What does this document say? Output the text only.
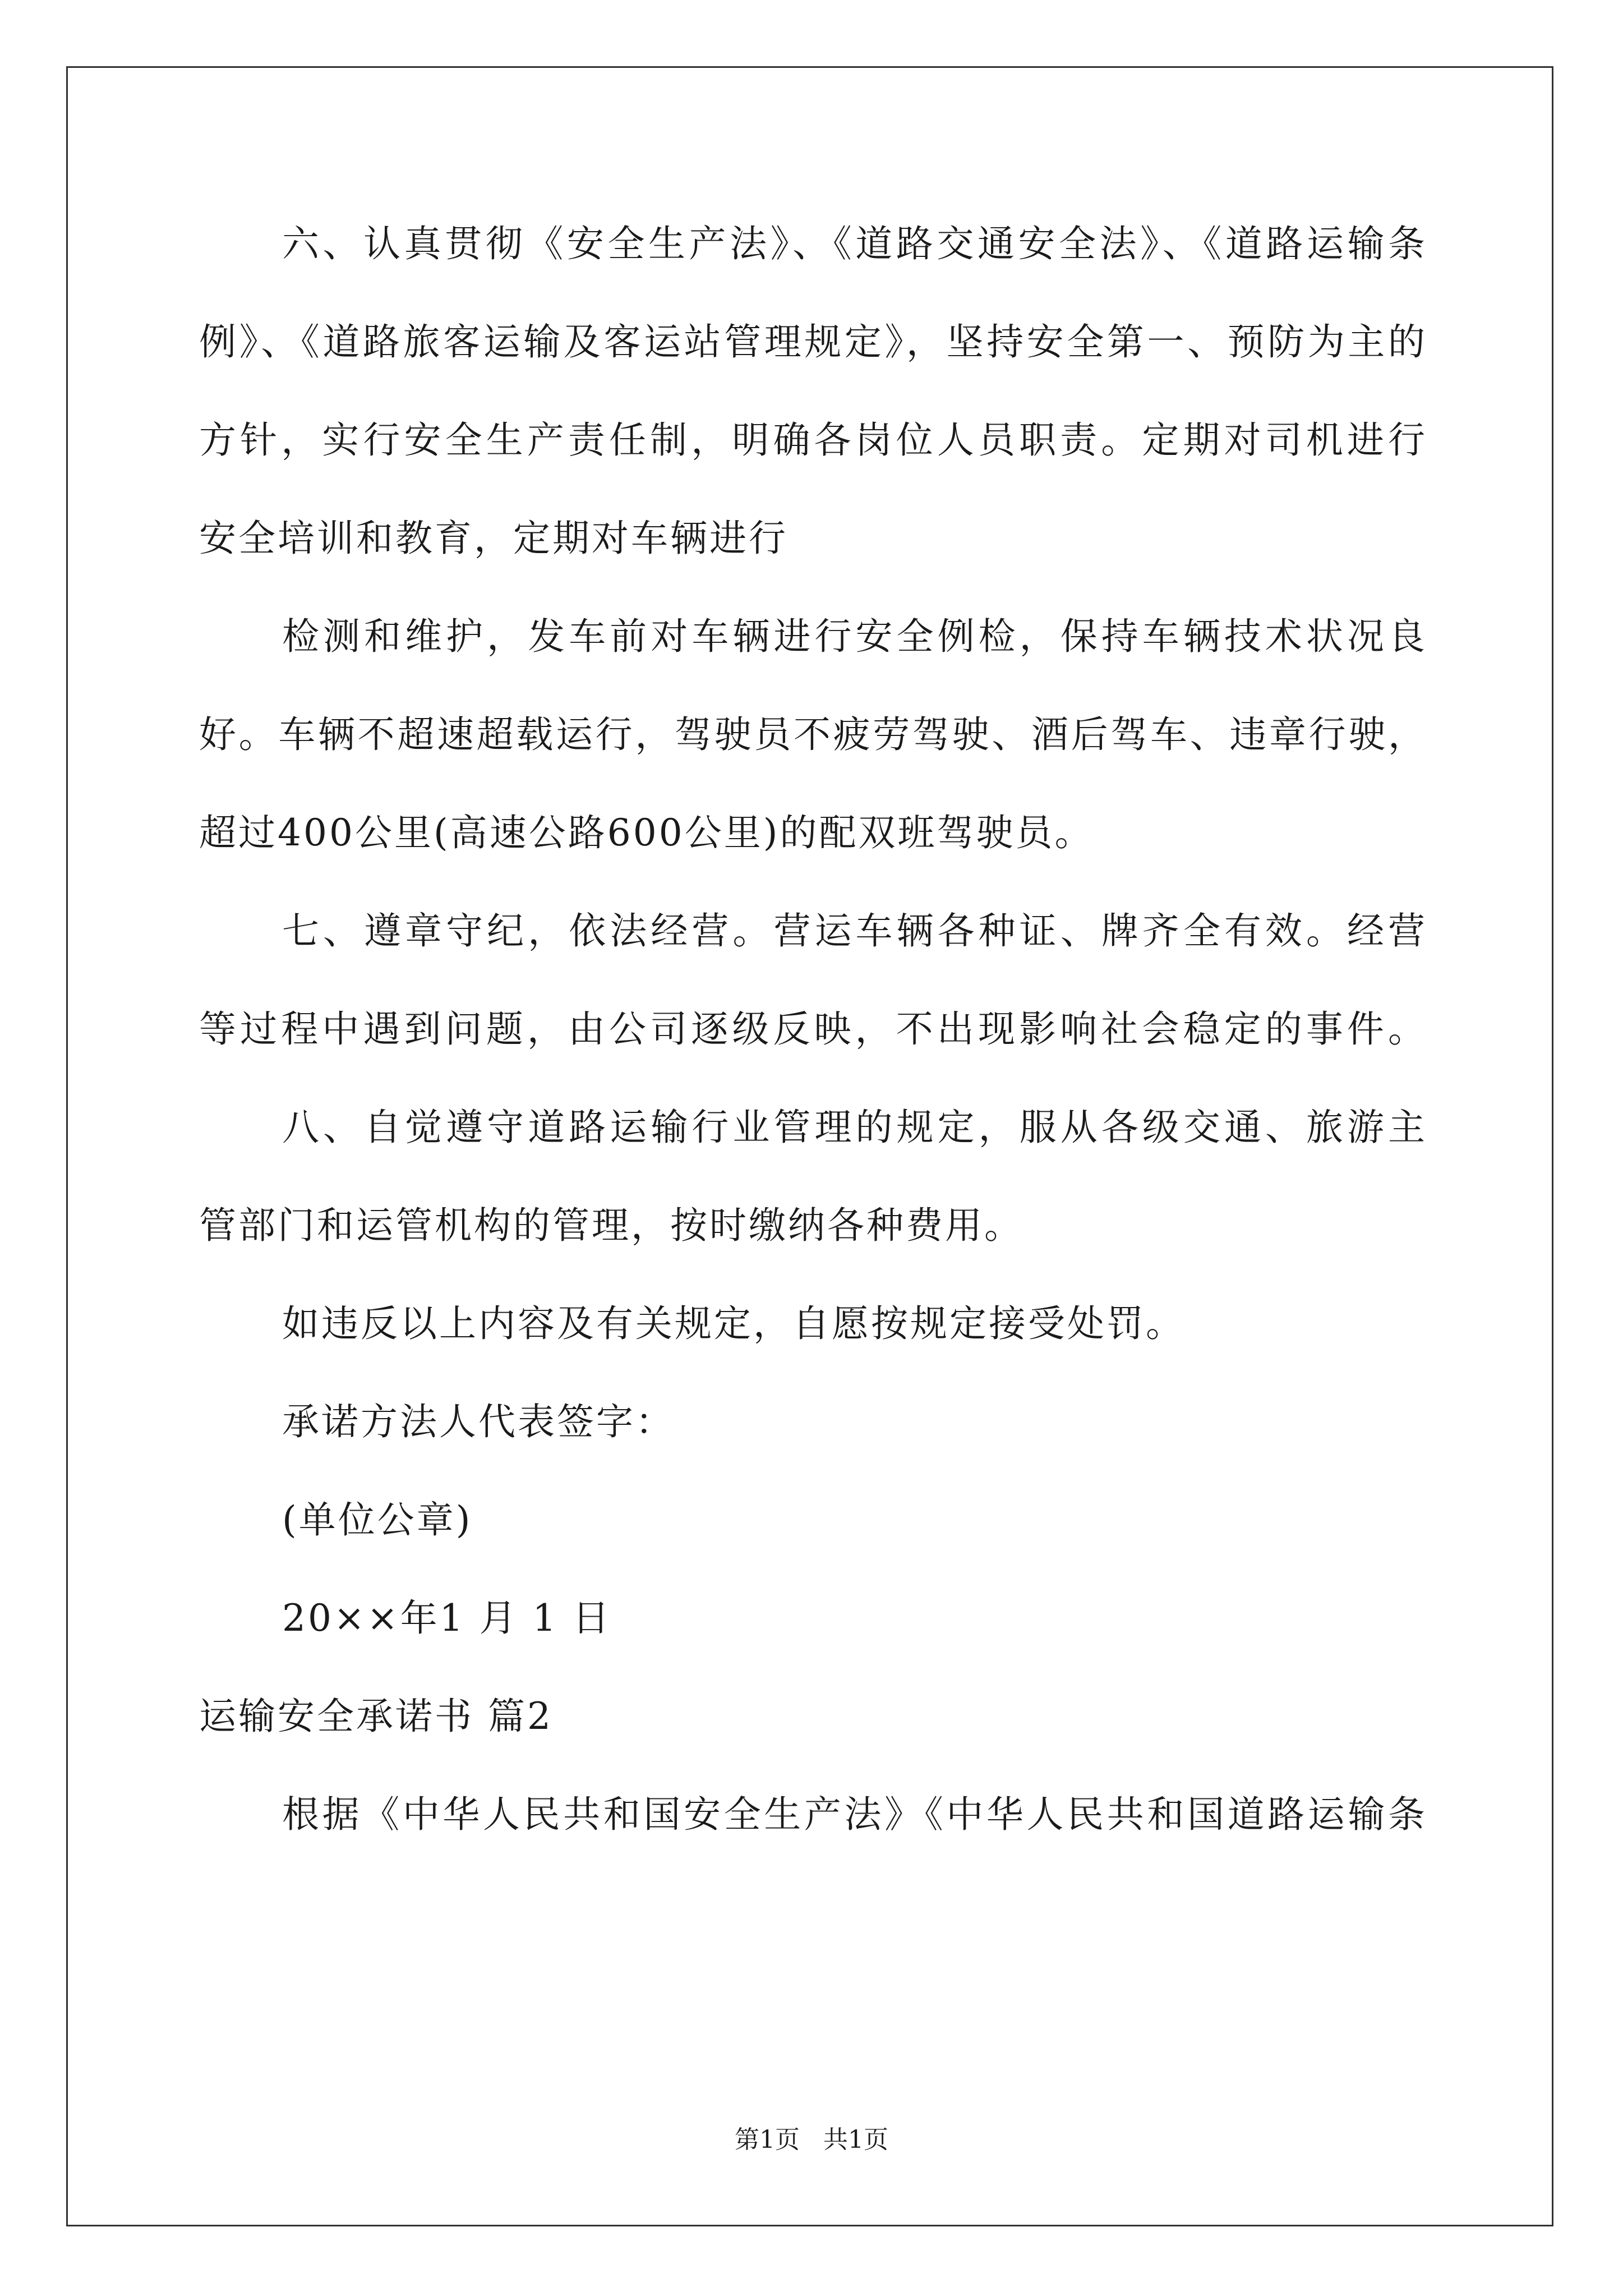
六、认真贯彻《安全生产法》、《道路交通安全法》、《道路运输条
例》、《道路旅客运输及客运站管理规定》，坚持安全第一、预防为主的
方针，实行安全生产责任制，明确各岗位人员职责。定期对司机进行
安全培训和教育，定期对车辆进行
检测和维护，发车前对车辆进行安全例检，保持车辆技术状况良
好。车辆不超速超载运行，驾驶员不疲劳驾驶、酒后驾车、违章行驶，
超过400公里(高速公路600公里)的配双班驾驶员。
七、遵章守纪，依法经营。营运车辆各种证、牌齐全有效。经营
等过程中遇到问题，由公司逐级反映，不出现影响社会稳定的事件。
八、自觉遵守道路运输行业管理的规定，服从各级交通、旅游主
管部门和运管机构的管理，按时缴纳各种费用。
如违反以上内容及有关规定，自愿按规定接受处罚。
承诺方法人代表签字：
(单位公章)
20××年1 月 1 日
运输安全承诺书 篇2
根据《中华人民共和国安全生产法》《中华人民共和国道路运输条
第1页   共1页
